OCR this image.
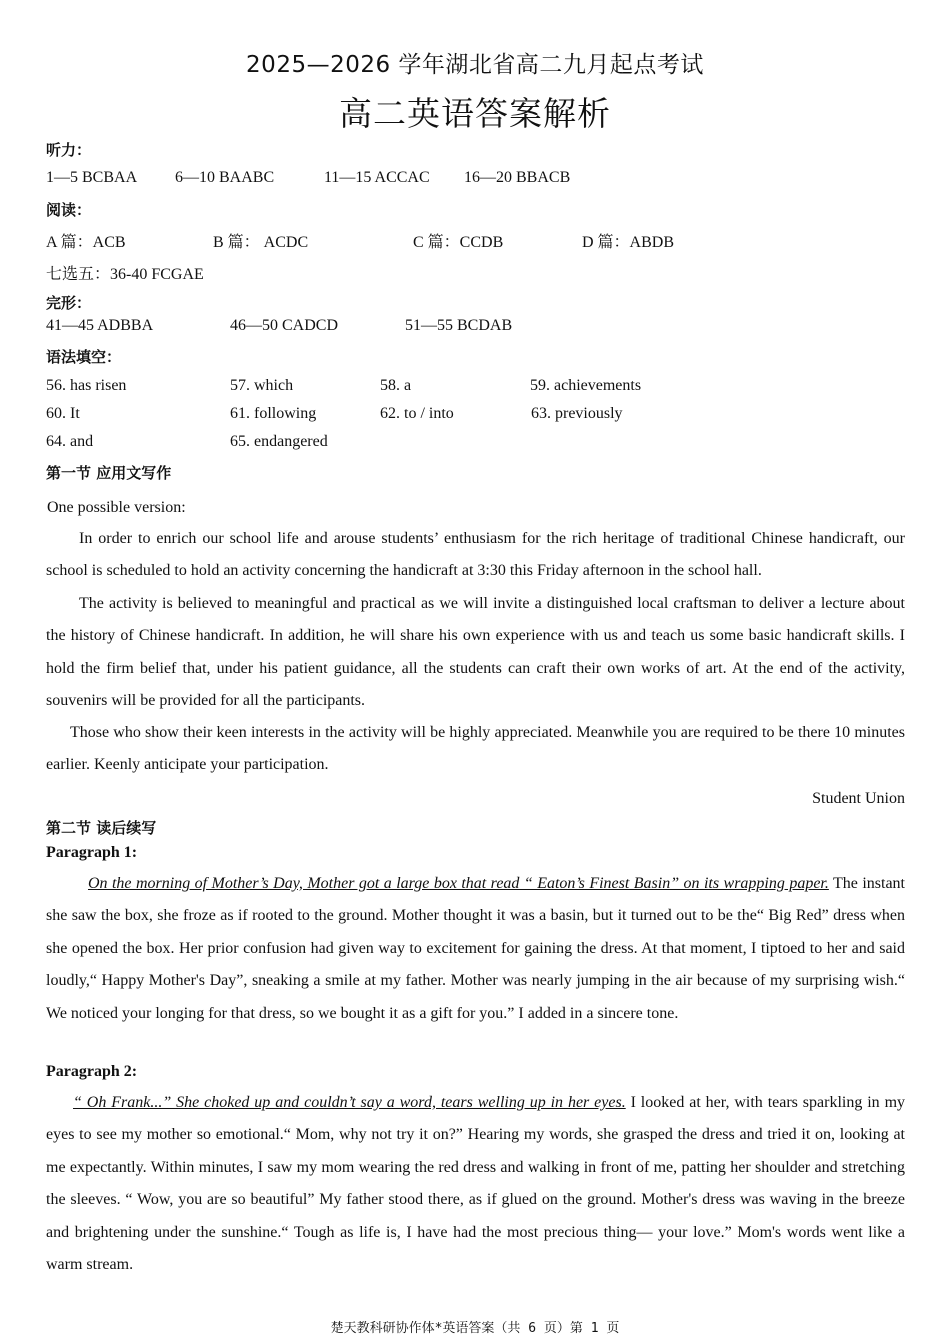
2025—2026 学年湖北省高二九月起点考试
高二英语答案解析
听力：
1—5 BCBAA 6—10 BAABC	11—15 ACCAC 16—20 BBACB
阅读：
A 篇：ACB	B 篇： ACDC	C 篇：CCDB	D 篇：ABDB
七选五：36-40 FCGAE
完形：
41—45 ADBBA	46—50 CADCD	51—55 BCDAB
语法填空：
56. has risen	57. which	58. a	59. achievements
60. It	61. following	62. to / into	63. previously
64. and	65. endangered
第一节 应用文写作
One possible version:

In order to enrich our school life and arouse students’ enthusiasm for the rich heritage of traditional Chinese handicraft, our school is scheduled to hold an activity concerning the handicraft at 3:30 this Friday afternoon in the school hall.

The activity is believed to meaningful and practical as we will invite a distinguished local craftsman to deliver a lecture about the history of Chinese handicraft. In addition, he will share his own experience with us and teach us some basic handicraft skills. I hold the firm belief that, under his patient guidance, all the students can craft their own works of art. At the end of the activity, souvenirs will be provided for all the participants.

Those who show their keen interests in the activity will be highly appreciated. Meanwhile you are required to be there 10 minutes earlier. Keenly anticipate your participation.

Student Union
第二节 读后续写
Paragraph 1:

On the morning of Mother’s Day, Mother got a large box that read “ Eaton’s Finest Basin” on its wrapping paper. The instant she saw the box, she froze as if rooted to the ground. Mother thought it was a basin, but it turned out to be the“ Big Red” dress when she opened the box. Her prior confusion had given way to excitement for gaining the dress. At that moment, I tiptoed to her and said loudly,“ Happy Mother's Day”, sneaking a smile at my father. Mother was nearly jumping in the air because of my surprising wish.“ We noticed your longing for that dress, so we bought it as a gift for you.” I added in a sincere tone.

Paragraph 2:

“ Oh Frank...” She choked up and couldn’t say a word, tears welling up in her eyes. I looked at her, with tears sparkling in my eyes to see my mother so emotional.“ Mom, why not try it on?” Hearing my words, she grasped the dress and tried it on, looking at me expectantly. Within minutes, I saw my mom wearing the red dress and walking in front of me, patting her shoulder and stretching the sleeves. “ Wow, you are so beautiful” My father stood there, as if glued on the ground. Mother's dress was waving in the breeze and brightening under the sunshine.“ Tough as life is, I have had the most precious thing— your love.” Mom's words went like a warm stream.

楚天教科研协作体*英语答案（共 6 页）第 1 页
